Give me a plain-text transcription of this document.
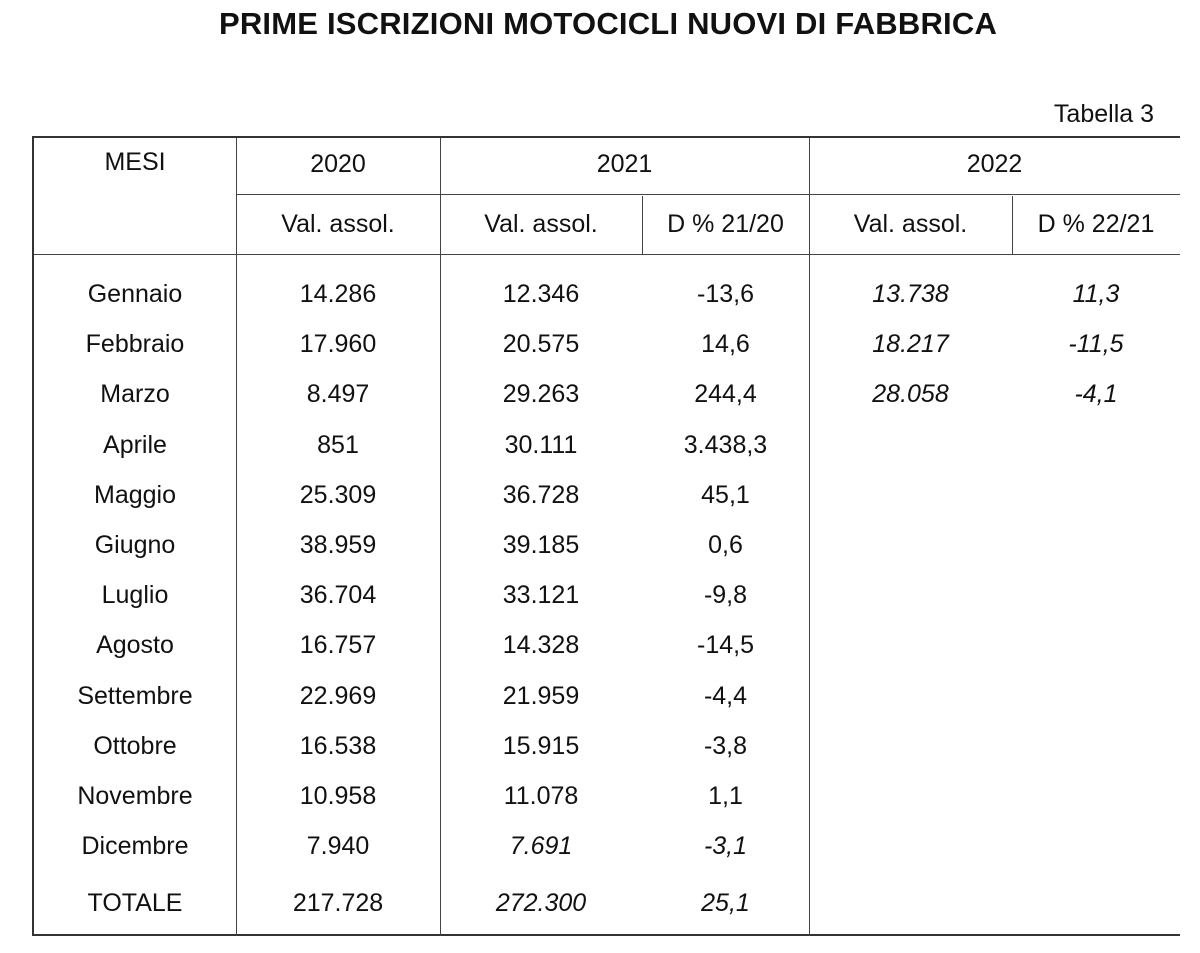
PRIME ISCRIZIONI MOTOCICLI NUOVI DI FABBRICA
Tabella 3
MESI	2020	2021	2022
Val. assol.	Val. assol.	D % 21/20	Val. assol.	D % 22/21
Gennaio	14.286	12.346	-13,6	13.738	11,3
Febbraio	17.960	20.575	14,6	18.217	-11,5
Marzo	8.497	29.263	244,4	28.058	-4,1
Aprile	851	30.111	3.438,3
Maggio	25.309	36.728	45,1
Giugno	38.959	39.185	0,6
Luglio	36.704	33.121	-9,8
Agosto	16.757	14.328	-14,5
Settembre	22.969	21.959	-4,4
Ottobre	16.538	15.915	-3,8
Novembre	10.958	11.078	1,1
Dicembre	7.940	7.691	-3,1
TOTALE	217.728	272.300	25,1
